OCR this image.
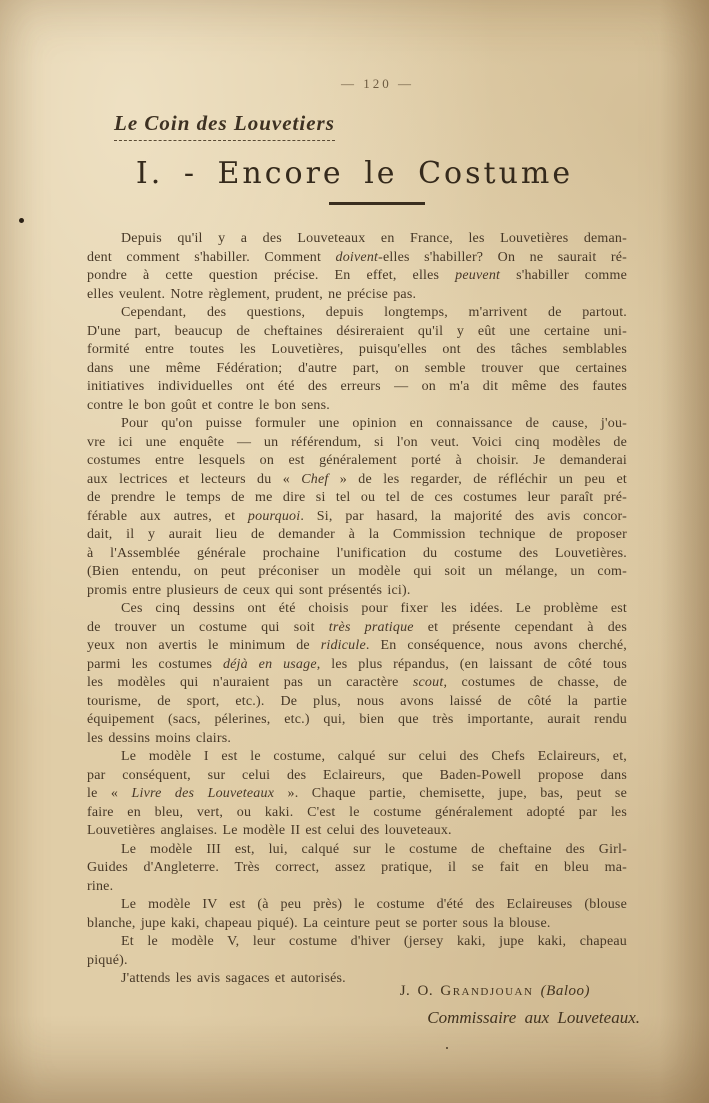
— 120 —
Le Coin des Louvetiers
I. - Encore le Costume
Depuis qu'il y a des Louveteaux en France, les Louvetières deman-
dent comment s'habiller. Comment doivent-elles s'habiller? On ne saurait ré-
pondre à cette question précise. En effet, elles peuvent s'habiller comme
elles veulent. Notre règlement, prudent, ne précise pas.
Cependant, des questions, depuis longtemps, m'arrivent de partout.
D'une part, beaucup de cheftaines désireraient qu'il y eût une certaine uni-
formité entre toutes les Louvetières, puisqu'elles ont des tâches semblables
dans une même Fédération; d'autre part, on semble trouver que certaines
initiatives individuelles ont été des erreurs — on m'a dit même des fautes
contre le bon goût et contre le bon sens.
Pour qu'on puisse formuler une opinion en connaissance de cause, j'ou-
vre ici une enquête — un référendum, si l'on veut. Voici cinq modèles de
costumes entre lesquels on est généralement porté à choisir. Je demanderai
aux lectrices et lecteurs du « Chef » de les regarder, de réfléchir un peu et
de prendre le temps de me dire si tel ou tel de ces costumes leur paraît pré-
férable aux autres, et pourquoi. Si, par hasard, la majorité des avis concor-
dait, il y aurait lieu de demander à la Commission technique de proposer
à l'Assemblée générale prochaine l'unification du costume des Louvetières.
(Bien entendu, on peut préconiser un modèle qui soit un mélange, un com-
promis entre plusieurs de ceux qui sont présentés ici).
Ces cinq dessins ont été choisis pour fixer les idées. Le problème est
de trouver un costume qui soit très pratique et présente cependant à des
yeux non avertis le minimum de ridicule. En conséquence, nous avons cherché,
parmi les costumes déjà en usage, les plus répandus, (en laissant de côté tous
les modèles qui n'auraient pas un caractère scout, costumes de chasse, de
tourisme, de sport, etc.). De plus, nous avons laissé de côté la partie
équipement (sacs, pélerines, etc.) qui, bien que très importante, aurait rendu
les dessins moins clairs.
Le modèle I est le costume, calqué sur celui des Chefs Eclaireurs, et,
par conséquent, sur celui des Eclaireurs, que Baden-Powell propose dans
le « Livre des Louveteaux ». Chaque partie, chemisette, jupe, bas, peut se
faire en bleu, vert, ou kaki. C'est le costume généralement adopté par les
Louvetières anglaises. Le modèle II est celui des louveteaux.
Le modèle III est, lui, calqué sur le costume de cheftaine des Girl-
Guides d'Angleterre. Très correct, assez pratique, il se fait en bleu ma-
rine.
Le modèle IV est (à peu près) le costume d'été des Eclaireuses (blouse
blanche, jupe kaki, chapeau piqué). La ceinture peut se porter sous la blouse.
Et le modèle V, leur costume d'hiver (jersey kaki, jupe kaki, chapeau
piqué).
J'attends les avis sagaces et autorisés.
J. O. Grandjouan (Baloo)
Commissaire aux Louveteaux.
